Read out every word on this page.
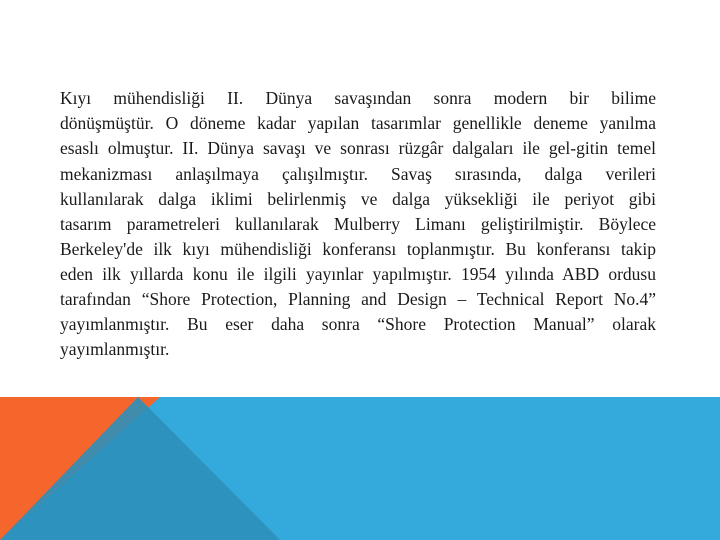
Kıyı mühendisliği II. Dünya savaşından sonra modern bir bilime
dönüşmüştür. O döneme kadar yapılan tasarımlar genellikle deneme yanılma
esaslı olmuştur. II. Dünya savaşı ve sonrası rüzgâr dalgaları ile gel-gitin temel
mekanizması anlaşılmaya çalışılmıştır. Savaş sırasında, dalga verileri
kullanılarak dalga iklimi belirlenmiş ve dalga yüksekliği ile periyot gibi
tasarım parametreleri kullanılarak Mulberry Limanı geliştirilmiştir. Böylece
Berkeley'de ilk kıyı mühendisliği konferansı toplanmıştır. Bu konferansı takip
eden ilk yıllarda konu ile ilgili yayınlar yapılmıştır. 1954 yılında ABD ordusu
tarafından “Shore Protection, Planning and Design – Technical Report No.4”
yayımlanmıştır. Bu eser daha sonra “Shore Protection Manual” olarak
yayımlanmıştır.
